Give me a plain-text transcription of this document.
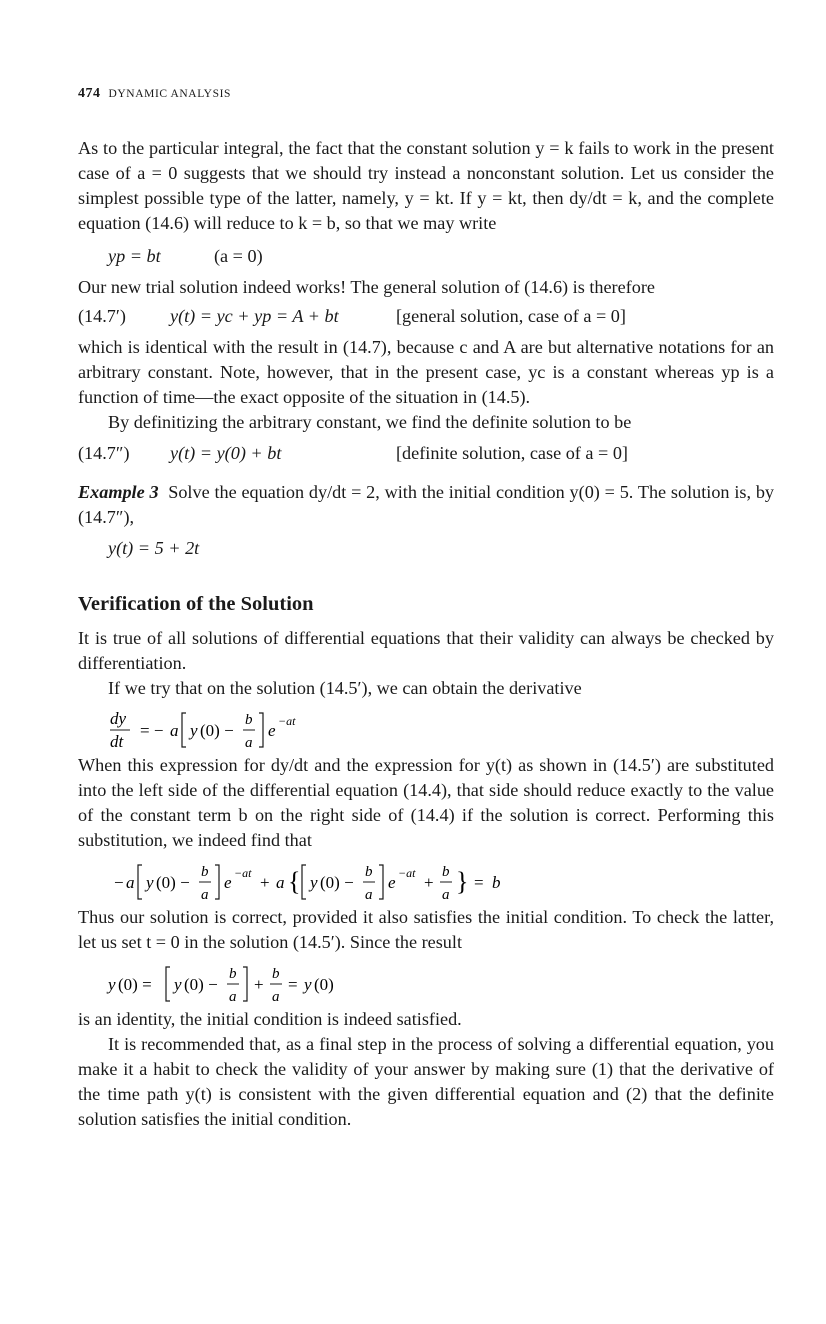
474 DYNAMIC ANALYSIS

As to the particular integral, the fact that the constant solution y = k fails to work in the present case of a = 0 suggests that we should try instead a nonconstant solution. Let us consider the simplest possible type of the latter, namely, y = kt. If y = kt, then dy/dt = k, and the complete equation (14.6) will reduce to k = b, so that we may write

yp = bt	(a = 0)

Our new trial solution indeed works! The general solution of (14.6) is therefore

(14.7′) y(t) = yc + yp = A + bt	[general solution, case of a = 0]

which is identical with the result in (14.7), because c and A are but alternative notations for an arbitrary constant. Note, however, that in the present case, yc is a constant whereas yp is a function of time—the exact opposite of the situation in (14.5).

By definitizing the arbitrary constant, we find the definite solution to be

(14.7″) y(t) = y(0) + bt	[definite solution, case of a = 0]

Example 3 Solve the equation dy/dt = 2, with the initial condition y(0) = 5. The solution is, by (14.7″),

y(t) = 5 + 2t
Verification of the Solution

It is true of all solutions of differential equations that their validity can always be checked by differentiation.

If we try that on the solution (14.5′), we can obtain the derivative

dy
dt
= − a y (0) −
b
a
e −at

When this expression for dy/dt and the expression for y(t) as shown in (14.5′) are substituted into the left side of the differential equation (14.4), that side should reduce exactly to the value of the constant term b on the right side of (14.4) if the solution is correct. Performing this substitution, we indeed find that

− a y (0) −
b
a
e −at + a { y (0) −
b
a
e −at +
b
a } = b

Thus our solution is correct, provided it also satisfies the initial condition. To check the latter, let us set t = 0 in the solution (14.5′). Since the result

y (0) = y (0) −
b
a
+
b
a
= y (0)

is an identity, the initial condition is indeed satisfied.

It is recommended that, as a final step in the process of solving a differential equation, you make it a habit to check the validity of your answer by making sure (1) that the derivative of the time path y(t) is consistent with the given differential equation and (2) that the definite solution satisfies the initial condition.
